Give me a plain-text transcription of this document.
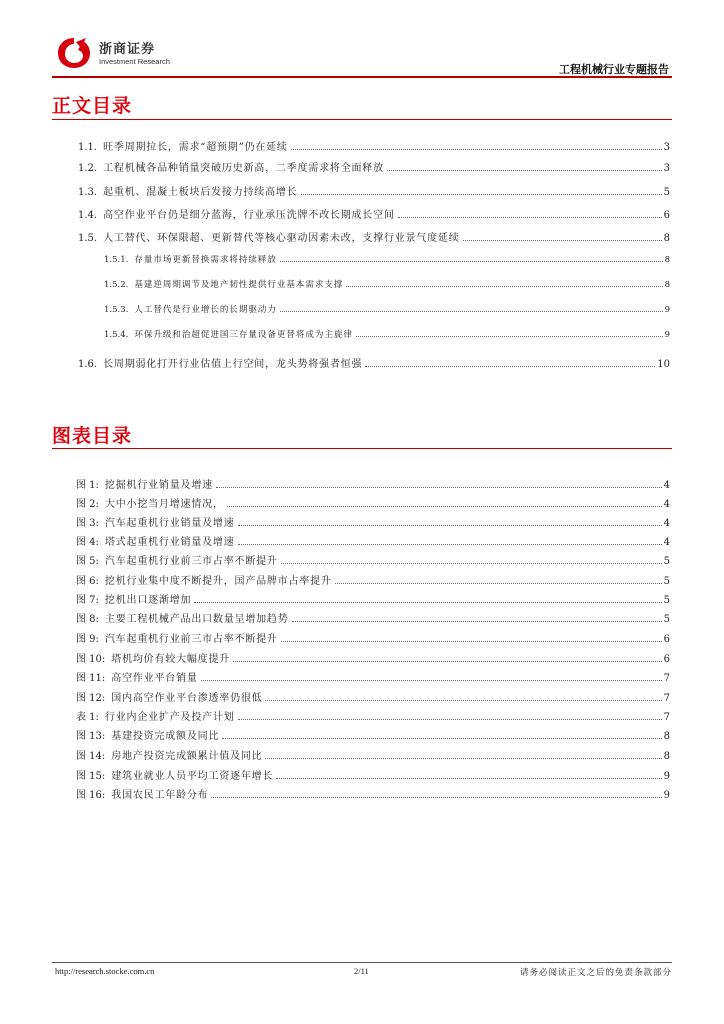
浙商证券
Investment Research
工程机械行业专题报告
正文目录
1.1. 旺季周期拉长，需求“超预期”仍在延续	3
1.2. 工程机械各品种销量突破历史新高，二季度需求将全面释放	3
1.3. 起重机、混凝土板块后发接力持续高增长	5
1.4. 高空作业平台仍是细分蓝海，行业承压洗牌不改长期成长空间	6
1.5. 人工替代、环保限超、更新替代等核心驱动因素未改，支撑行业景气度延续	8
1.5.1. 存量市场更新替换需求将持续释放	8
1.5.2. 基建逆周期调节及地产韧性提供行业基本需求支撑	8
1.5.3. 人工替代是行业增长的长期驱动力	9
1.5.4. 环保升级和治超促进国三存量设备更替将成为主旋律	9
1.6. 长周期弱化打开行业估值上行空间，龙头势将强者恒强	10
图表目录
图 1: 挖掘机行业销量及增速	4
图 2: 大中小挖当月增速情况，	4
图 3: 汽车起重机行业销量及增速	4
图 4: 塔式起重机行业销量及增速	4
图 5: 汽车起重机行业前三市占率不断提升	5
图 6: 挖机行业集中度不断提升，国产品牌市占率提升	5
图 7: 挖机出口逐渐增加	5
图 8: 主要工程机械产品出口数量呈增加趋势	5
图 9: 汽车起重机行业前三市占率不断提升	6
图 10: 塔机均价有较大幅度提升	6
图 11: 高空作业平台销量	7
图 12: 国内高空作业平台渗透率仍很低	7
表 1: 行业内企业扩产及投产计划	7
图 13: 基建投资完成额及同比	8
图 14: 房地产投资完成额累计值及同比	8
图 15: 建筑业就业人员平均工资逐年增长	9
图 16: 我国农民工年龄分布	9
http://research.stocke.com.cn	2/11	请务必阅读正文之后的免责条款部分
